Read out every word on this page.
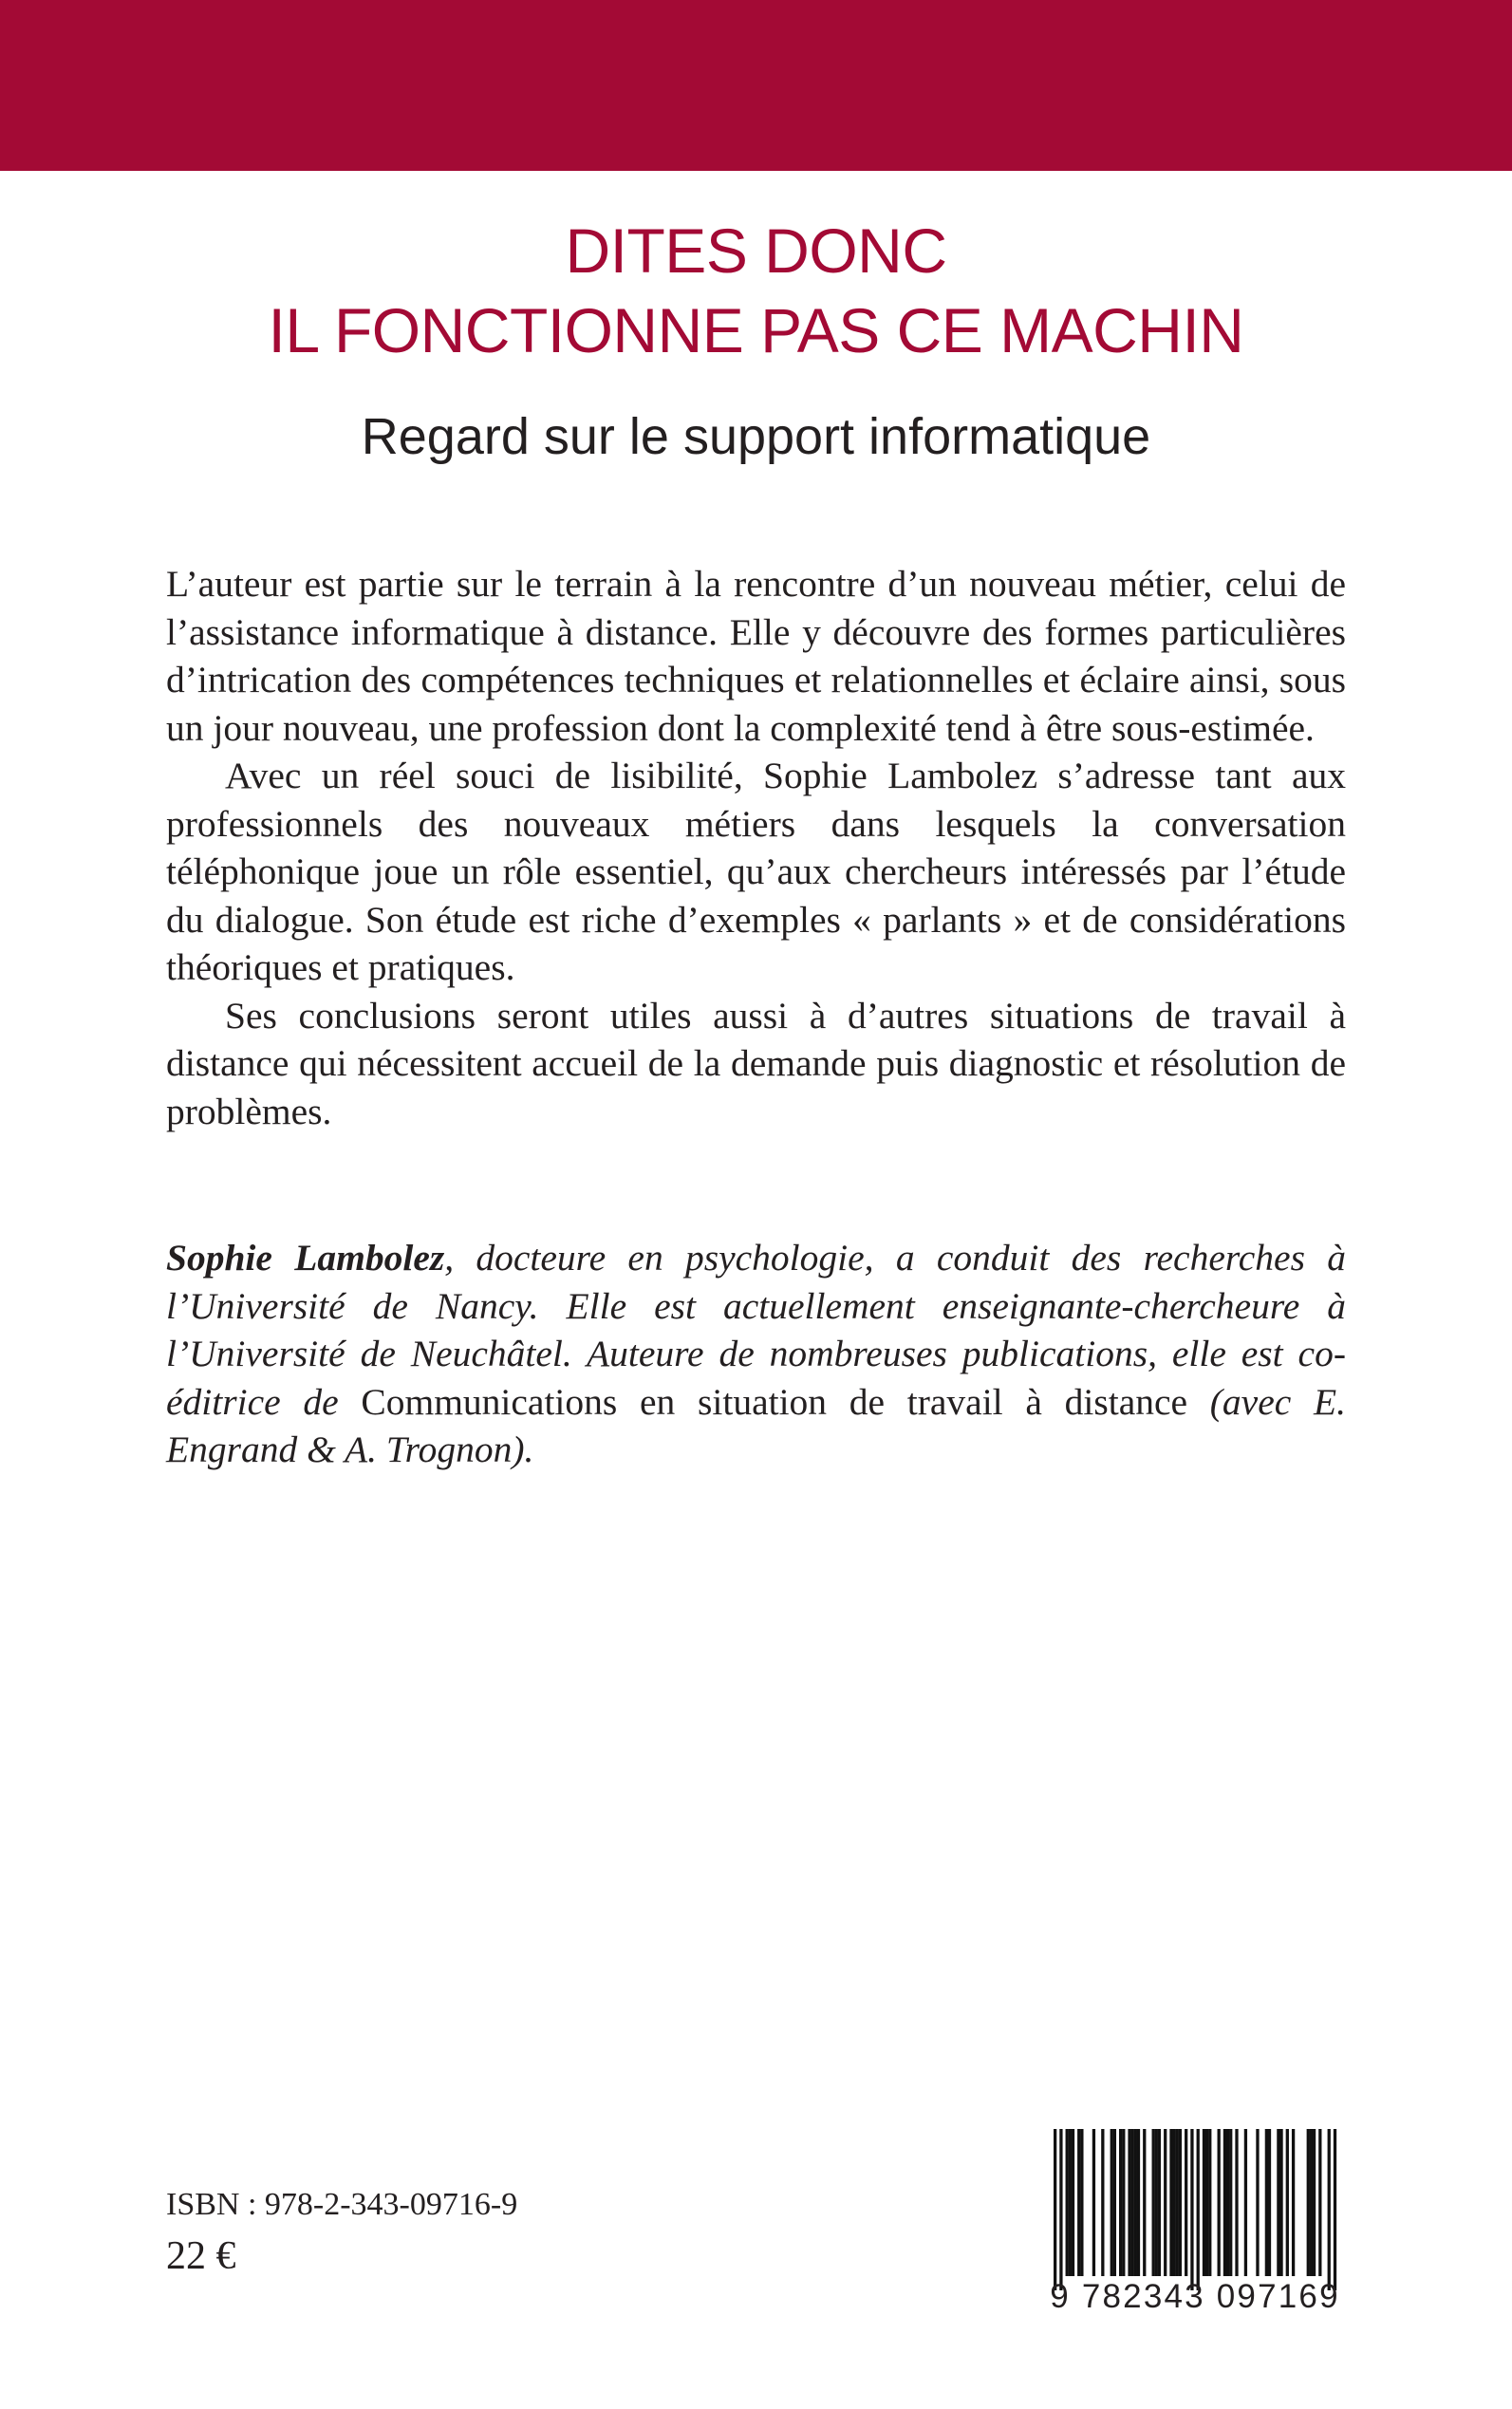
DITES DONC
IL FONCTIONNE PAS CE MACHIN
Regard sur le support informatique

L’auteur est partie sur le terrain à la rencontre d’un nouveau métier, celui de l’assistance informatique à distance. Elle y découvre des formes particulières d’intrication des compétences techniques et relationnelles et éclaire ainsi, sous un jour nouveau, une profession dont la complexité tend à être sous-estimée.

Avec un réel souci de lisibilité, Sophie Lambolez s’adresse tant aux professionnels des nouveaux métiers dans lesquels la conversation téléphonique joue un rôle essentiel, qu’aux chercheurs intéressés par l’étude du dialogue. Son étude est riche d’exemples « parlants » et de considérations théoriques et pratiques.

Ses conclusions seront utiles aussi à d’autres situations de travail à distance qui nécessitent accueil de la demande puis diagnostic et résolution de problèmes.

Sophie Lambolez, docteure en psychologie, a conduit des recherches à l’Université de Nancy. Elle est actuellement enseignante-chercheure à l’Université de Neuchâtel. Auteure de nombreuses publications, elle est co-éditrice de Communications en situation de travail à distance (avec E. Engrand & A. Trognon).

ISBN : 978-2-343-09716-9
22 €
9 782343 097169
